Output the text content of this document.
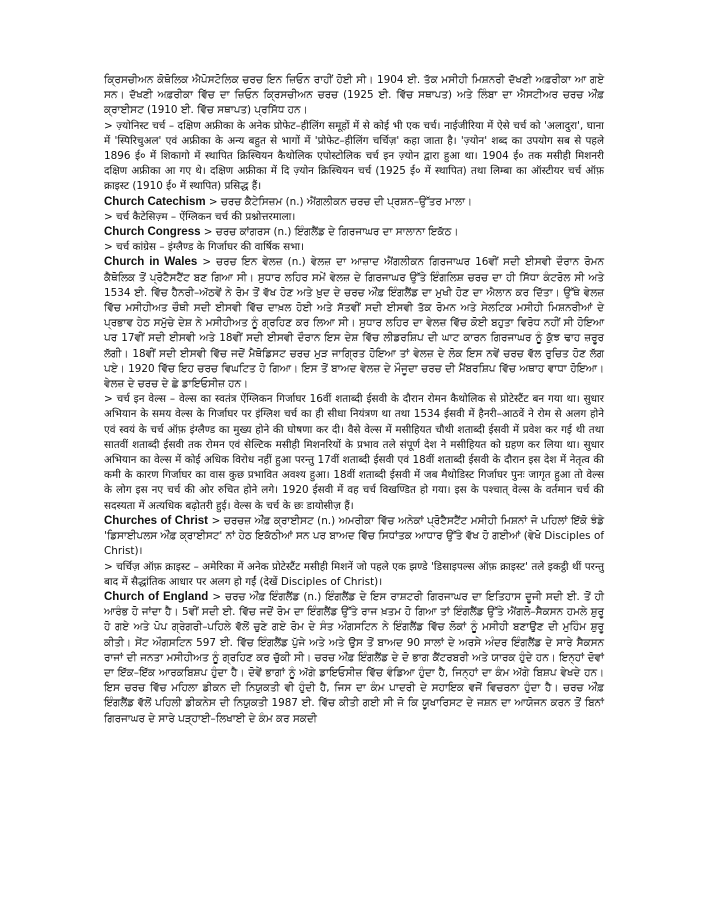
ਕ੍ਰਿਸਚੀਅਨ ਕੋਥੋਲਿਕ ਐਪੋਸਟੋਲਿਕ ਚਰਚ ਇਨ ਜ਼ਿਓਨ ਰਾਹੀਂ ਹੋਈ ਸੀ। 1904 ਈ. ਤੱਕ ਮਸੀਹੀ ਮਿਸ਼ਨਰੀ ਦੱਖਣੀ ਅਫ਼ਰੀਕਾ ਆ ਗਏ ਸਨ। ਦੱਖਣੀ ਅਫ਼ਰੀਕਾ ਵਿੱਚ ਦਾ ਜ਼ਿਓਨ ਕ੍ਰਿਸਚੀਅਨ ਚਰਚ (1925 ਈ. ਵਿੱਚ ਸਥਾਪਤ) ਅਤੇ ਲਿੰਬਾ ਦਾ ਐਸਟੀਅਰ ਚਰਚ ਔਂਫ਼ ਕ੍ਰਾਈਸਟ (1910 ਈ. ਵਿੱਚ ਸਥਾਪਤ) ਪ੍ਰਸਿੱਧ ਹਨ।

> ज़्योनिस्ट चर्च – दक्षिण अफ्रीका के अनेक प्रोफेट–हीलिंग समूहों में से कोई भी एक चर्च। नाईजीरिया में ऐसे चर्च को 'अलादुरा', घाना में 'स्पिरिचुअल' एवं अफ्रीका के अन्य बहुत से भागों में 'प्रोफेट–हीलिंग चर्चिज़' कहा जाता है। 'ज़्योन' शब्द का उपयोग सब से पहले 1896 ई० में शिकागो में स्थापित क्रिस्चियन कैथोलिक एपोस्टोलिक चर्च इन ज़्योन द्वारा हुआ था। 1904 ई० तक मसीही मिशनरी दक्षिण अफ्रीका आ गए थे। दक्षिण अफ्रीका में दि ज़्योन क्रिस्चियन चर्च (1925 ई० में स्थापित) तथा लिम्बा का ऑस्टीयर चर्च ऑफ़ क्राइस्ट (1910 ई० में स्थापित) प्रसिद्ध हैं।

Church Catechism > ਚਰਚ ਕੈਟੇਸਿਜ਼ਮ (n.) ਐਂਗਲੀਕਨ ਚਰਚ ਦੀ ਪ੍ਰਸ਼ਨ–ਉੱਤਰ ਮਾਲਾ।

> चर्च कैटेसिज़्म – ऐंग्लिकन चर्च की प्रश्नोत्तरमाला।

Church Congress > ਚਰਚ ਕਾਂਗਰਸ (n.) ਇੰਗਲੈਂਡ ਦੇ ਗਿਰਜਾਘਰ ਦਾ ਸਾਲਾਨਾ ਇਕੱਠ।

> चर्च कांग्रेस – इंग्लैण्ड के गिर्जाघर की वार्षिक सभा।

Church in Wales > ਚਰਚ ਇਨ ਵੇਲਜ਼ (n.) ਵੇਲਜ਼ ਦਾ ਆਜ਼ਾਦ ਐਂਗਲੀਕਨ ਗਿਰਜਾਘਰ 16ਵੀਂ ਸਦੀ ਈਸਵੀ ਦੌਰਾਨ ਰੋਮਨ ਕੈਥੋਲਿਕ ਤੋਂ ਪ੍ਰੋਟੈਸਟੈਂਟ ਬਣ ਗਿਆ ਸੀ। ਸੁਧਾਰ ਲਹਿਰ ਸਮੇਂ ਵੇਲਜ਼ ਦੇ ਗਿਰਜਾਘਰ ਉੱਤੇ ਇੰਗਲਿਸ਼ ਚਰਚ ਦਾ ਹੀ ਸਿੱਧਾ ਕੰਟਰੋਲ ਸੀ ਅਤੇ 1534 ਈ. ਵਿੱਚ ਹੈਨਰੀ–ਅੱਠਵੇਂ ਨੇ ਰੋਮ ਤੋਂ ਵੱਖ ਹੋਣ ਅਤੇ ਖ਼ੁਦ ਦੇ ਚਰਚ ਔਂਫ਼ ਇੰਗਲੈਂਡ ਦਾ ਮੁਖੀ ਹੋਣ ਦਾ ਐਲਾਨ ਕਰ ਦਿੱਤਾ। ਉੱਥੇ ਵੇਲਜ਼ ਵਿੱਚ ਮਸੀਹੀਅਤ ਚੌਥੀ ਸਦੀ ਈਸਵੀ ਵਿੱਚ ਦਾਖ਼ਲ ਹੋਈ ਅਤੇ ਸੱਤਵੀਂ ਸਦੀ ਈਸਵੀ ਤੱਕ ਰੋਮਨ ਅਤੇ ਸੇਲਟਿਕ ਮਸੀਹੀ ਮਿਸ਼ਨਰੀਆਂ ਦੇ ਪ੍ਰਭਾਵ ਹੇਠ ਸਮੁੱਚੇ ਦੇਸ਼ ਨੇ ਮਸੀਹੀਅਤ ਨੂੰ ਗ੍ਰਹਿਣ ਕਰ ਲਿਆ ਸੀ। ਸੁਧਾਰ ਲਹਿਰ ਦਾ ਵੇਲਜ਼ ਵਿੱਚ ਕੋਈ ਬਹੁਤਾ ਵਿਰੋਧ ਨਹੀਂ ਸੀ ਹੋਇਆ ਪਰ 17ਵੀਂ ਸਦੀ ਈਸਵੀ ਅਤੇ 18ਵੀਂ ਸਦੀ ਈਸਵੀ ਦੌਰਾਨ ਇਸ ਦੇਸ਼ ਵਿੱਚ ਲੀਡਰਸ਼ਿਪ ਦੀ ਘਾਟ ਕਾਰਨ ਗਿਰਜਾਘਰ ਨੂੰ ਕੁੱਝ ਢਾਹ ਜ਼ਰੂਰ ਲੱਗੀ। 18ਵੀਂ ਸਦੀ ਈਸਵੀ ਵਿੱਚ ਜਦੋਂ ਮੈਥੋਡਿਸਟ ਚਰਚ ਮੁੜ ਜਾਗ੍ਰਿਤ ਹੋਇਆ ਤਾਂ ਵੇਲਜ਼ ਦੇ ਲੋਕ ਇਸ ਨਵੇਂ ਚਰਚ ਵੱਲ ਰੁਚਿਤ ਹੋਣ ਲੱਗ ਪਏ। 1920 ਵਿੱਚ ਇਹ ਚਰਚ ਵਿਘਟਿਤ ਹੋ ਗਿਆ। ਇਸ ਤੋਂ ਬਾਅਦ ਵੇਲਜ਼ ਦੇ ਮੌਜੂਦਾ ਚਰਚ ਦੀ ਮੈਂਬਰਸ਼ਿਪ ਵਿੱਚ ਅਥਾਹ ਵਾਧਾ ਹੋਇਆ। ਵੇਲਜ਼ ਦੇ ਚਰਚ ਦੇ ਛੇ ਡਾਇਓਸੀਜ਼ ਹਨ।

> चर्च इन वेल्स – वेल्स का स्वतंत्र ऐंग्लिकन गिर्जाघर 16वीं शताब्दी ईसवी के दौरान रोमन कैथोलिक से प्रोटेस्टैंट बन गया था। सुधार अभियान के समय वेल्स के गिर्जाघर पर इंग्लिश चर्च का ही सीधा नियंत्रण था तथा 1534 ईसवी में हैनरी–आठवें ने रोम से अलग होने एवं स्वयं के चर्च ऑफ़ इंग्लैण्ड का मुख्य होने की घोषणा कर दी। वैसे वेल्स में मसीहियत चौथी शताब्दी ईसवी में प्रवेश कर गई थी तथा सातवीं शताब्दी ईसवी तक रोमन एवं सेल्टिक मसीही मिशनरियों के प्रभाव तले संपूर्ण देश ने मसीहियत को ग्रहण कर लिया था। सुधार अभियान का वेल्स में कोई अधिक विरोध नहीं हुआ परन्तु 17वीं शताब्दी ईसवी एवं 18वीं शताब्दी ईसवी के दौरान इस देश में नेतृत्व की कमी के कारण गिर्जाघर का वास कुछ प्रभावित अवश्य हुआ। 18वीं शताब्दी ईसवी में जब मैथोडिस्ट गिर्जाघर पुनः जागृत हुआ तो वेल्स के लोग इस नए चर्च की ओर रुचित होने लगे। 1920 ईसवी में वह चर्च विखण्डित हो गया। इस के पश्चात् वेल्स के वर्तमान चर्च की सदस्यता में अत्यधिक बढ़ोतरी हुई। वेल्स के चर्च के छः डायोसीज़ हैं।

Churches of Christ > ਚਰਚਜ਼ ਔਂਫ਼ ਕ੍ਰਾਈਸਟ (n.) ਅਮਰੀਕਾ ਵਿੱਚ ਅਨੇਕਾਂ ਪ੍ਰੋਟੈਸਟੈਂਟ ਮਸੀਹੀ ਮਿਸ਼ਨਾਂ ਜੋ ਪਹਿਲਾਂ ਇੱਕੋ ਝੰਡੇ 'ਡਿਸਾਈਪਲਸ ਔਂਫ਼ ਕ੍ਰਾਈਸਟ' ਨਾਂ ਹੇਠ ਇਕੱਠੀਆਂ ਸਨ ਪਰ ਬਾਅਦ ਵਿੱਚ ਸਿਧਾਂਤਕ ਆਧਾਰ ਉੱਤੇ ਵੱਖ ਹੋ ਗਈਆਂ (ਵੇਖੋ Disciples of Christ)।

> चर्चिज़ ऑफ़ क्राइस्ट – अमेरिका में अनेक प्रोटेस्टैंट मसीही मिशनें जो पहले एक झण्डे 'डिसाइपल्स ऑफ़ क्राइस्ट' तले इकट्ठी थीं परन्तु बाद में सैद्धांतिक आधार पर अलग हो गईं (देखें Disciples of Christ)।

Church of England > ਚਰਚ ਔਂਫ਼ ਇੰਗਲੈਂਡ (n.) ਇੰਗਲੈਂਡ ਦੇ ਇਸ ਰਾਸ਼ਟਰੀ ਗਿਰਜਾਘਰ ਦਾ ਇਤਿਹਾਸ ਦੂਜੀ ਸਦੀ ਈ. ਤੋਂ ਹੀ ਆਰੰਭ ਹੋ ਜਾਂਦਾ ਹੈ। 5ਵੀਂ ਸਦੀ ਈ. ਵਿੱਚ ਜਦੋਂ ਰੋਮ ਦਾ ਇੰਗਲੈਂਡ ਉੱਤੇ ਰਾਜ ਖ਼ਤਮ ਹੋ ਗਿਆ ਤਾਂ ਇੰਗਲੈਂਡ ਉੱਤੇ ਐਂਗਲੋ–ਸੈਕਸਨ ਹਮਲੇ ਸ਼ੁਰੂ ਹੋ ਗਏ ਅਤੇ ਪੋਪ ਗ੍ਰੇਗਰੀ–ਪਹਿਲੇ ਵੱਲੋਂ ਚੁਣੇ ਗਏ ਰੋਮ ਦੇ ਸੰਤ ਔਗਸਟਿਨ ਨੇ ਇੰਗਲੈਂਡ ਵਿੱਚ ਲੋਕਾਂ ਨੂੰ ਮਸੀਹੀ ਬਣਾਉਣ ਦੀ ਮੁਹਿੰਮ ਸ਼ੁਰੂ ਕੀਤੀ। ਸੇਂਟ ਔਗਸਟਿਨ 597 ਈ. ਵਿੱਚ ਇੰਗਲੈਂਡ ਪੁੱਜੇ ਅਤੇ ਅਤੇ ਉਸ ਤੋਂ ਬਾਅਦ 90 ਸਾਲਾਂ ਦੇ ਅਰਸੇ ਅੰਦਰ ਇੰਗਲੈਂਡ ਦੇ ਸਾਰੇ ਸੈਕਸਨ ਰਾਜਾਂ ਦੀ ਜਨਤਾ ਮਸੀਹੀਅਤ ਨੂੰ ਗ੍ਰਹਿਣ ਕਰ ਚੁੱਕੀ ਸੀ। ਚਰਚ ਔਂਫ਼ ਇੰਗਲੈਂਡ ਦੇ ਦੋ ਭਾਗ ਕੈਂਟਰਬਰੀ ਅਤੇ ਯਾਰਕ ਹੁੰਦੇ ਹਨ। ਇਨ੍ਹਾਂ ਦੋਵਾਂ ਦਾ ਇੱਕ–ਇੱਕ ਆਰਕਬਿਸ਼ਪ ਹੁੰਦਾ ਹੈ। ਦੋਵੇਂ ਭਾਗਾਂ ਨੂੰ ਅੱਗੇ ਡਾਇਓਸੀਜ਼ ਵਿੱਚ ਵੰਡਿਆ ਹੁੰਦਾ ਹੈ, ਜਿਨ੍ਹਾਂ ਦਾ ਕੰਮ ਅੱਗੇ ਬਿਸ਼ਪ ਵੇਖਦੇ ਹਨ। ਇਸ ਚਰਚ ਵਿੱਚ ਮਹਿਲਾ ਡੀਕਨ ਦੀ ਨਿਯੁਕਤੀ ਵੀ ਹੁੰਦੀ ਹੈ, ਜਿਸ ਦਾ ਕੰਮ ਪਾਦਰੀ ਦੇ ਸਹਾਇਕ ਵਜੋਂ ਵਿਚਰਨਾ ਹੁੰਦਾ ਹੈ। ਚਰਚ ਔਂਫ਼ ਇੰਗਲੈਂਡ ਵੱਲੋਂ ਪਹਿਲੀ ਡੀਕਨੇਸ ਦੀ ਨਿਯੁਕਤੀ 1987 ਈ. ਵਿੱਚ ਕੀਤੀ ਗਈ ਸੀ ਜੋ ਕਿ ਯੂਖਾਰਿਸਟ ਦੇ ਜਸ਼ਨ ਦਾ ਆਯੋਜਨ ਕਰਨ ਤੋਂ ਬਿਨਾਂ ਗਿਰਜਾਘਰ ਦੇ ਸਾਰੇ ਪੜ੍ਹਾਈ–ਲਿਖਾਈ ਦੇ ਕੰਮ ਕਰ ਸਕਦੀ
